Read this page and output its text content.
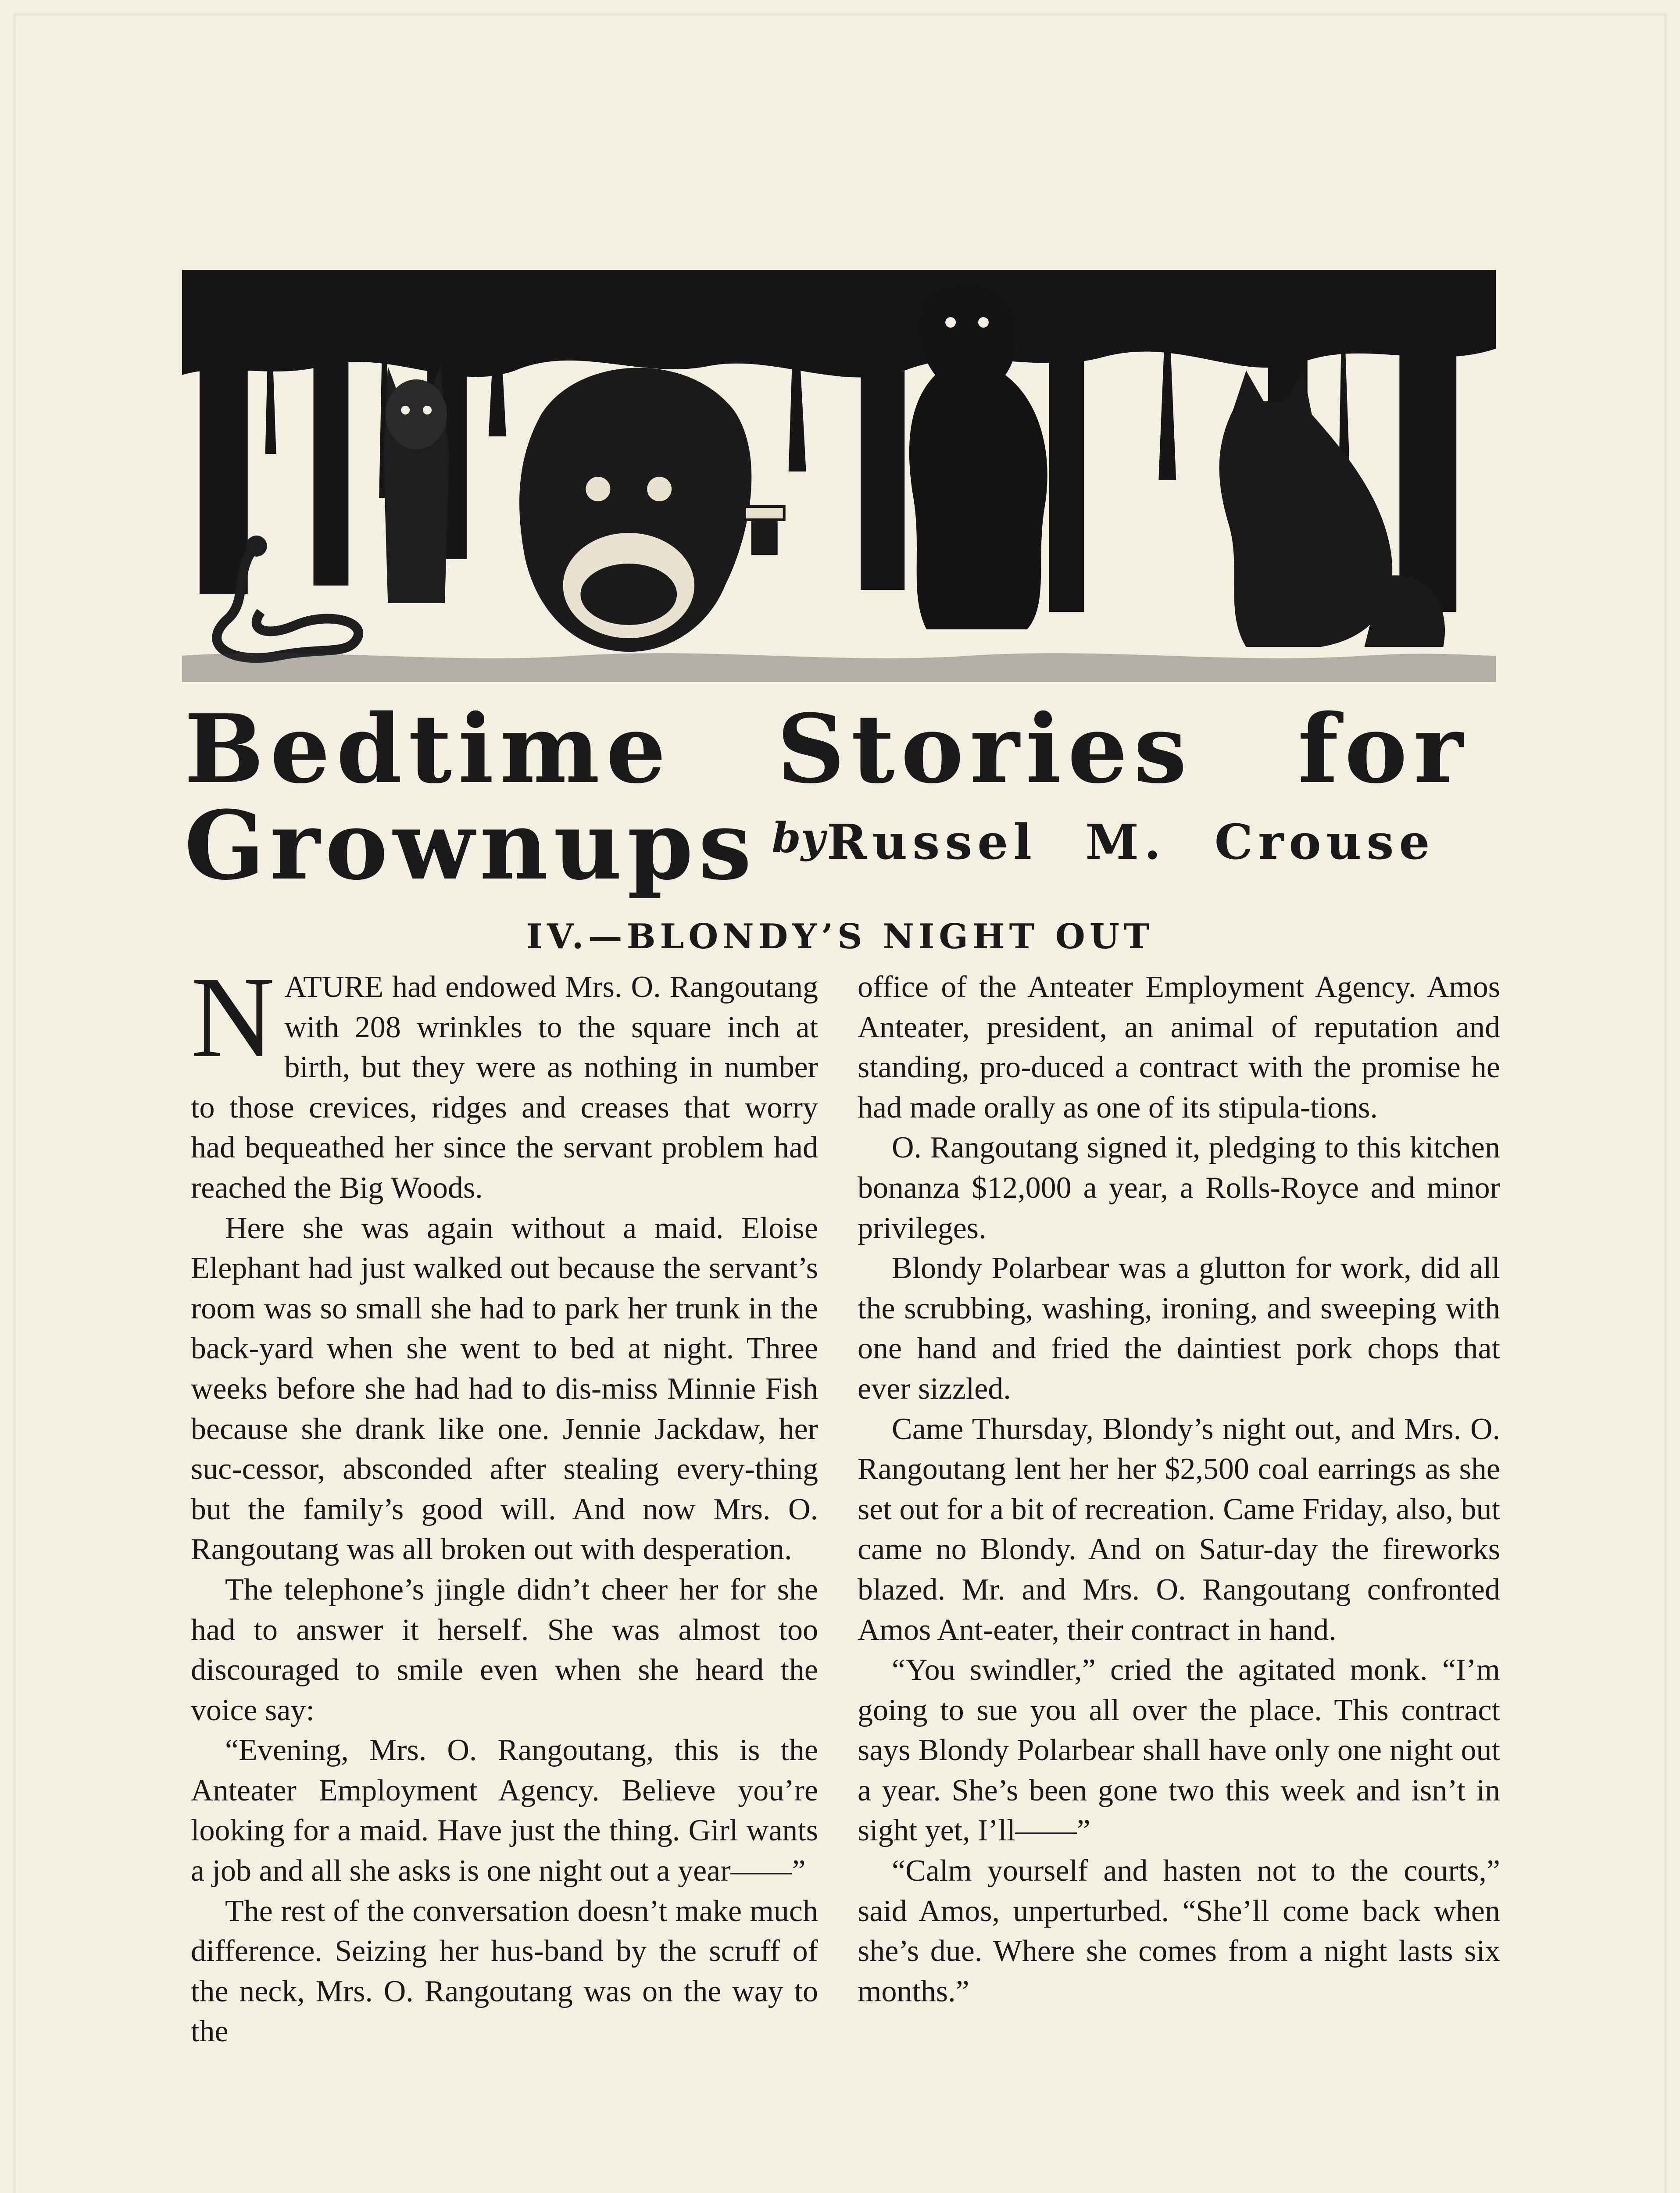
Bedtime Stories for
Grownups by Russel M. Crouse
IV.—BLONDY’S NIGHT OUT

NATURE had endowed Mrs. O. Rangoutang with 208 wrinkles to the square inch at birth, but they were as nothing in number to those crevices, ridges and creases that worry had bequeathed her since the servant problem had reached the Big Woods.

Here she was again without a maid. Eloise Elephant had just walked out because the servant’s room was so small she had to park her trunk in the back-yard when she went to bed at night. Three weeks before she had had to dis-miss Minnie Fish because she drank like one. Jennie Jackdaw, her suc-cessor, absconded after stealing every-thing but the family’s good will. And now Mrs. O. Rangoutang was all broken out with desperation.

The telephone’s jingle didn’t cheer her for she had to answer it herself. She was almost too discouraged to smile even when she heard the voice say:

“Evening, Mrs. O. Rangoutang, this is the Anteater Employment Agency. Believe you’re looking for a maid. Have just the thing. Girl wants a job and all she asks is one night out a year——”

The rest of the conversation doesn’t make much difference. Seizing her hus-band by the scruff of the neck, Mrs. O. Rangoutang was on the way to the

office of the Anteater Employment Agency. Amos Anteater, president, an animal of reputation and standing, pro-duced a contract with the promise he had made orally as one of its stipula-tions.

O. Rangoutang signed it, pledging to this kitchen bonanza $12,000 a year, a Rolls-Royce and minor privileges.

Blondy Polarbear was a glutton for work, did all the scrubbing, washing, ironing, and sweeping with one hand and fried the daintiest pork chops that ever sizzled.

Came Thursday, Blondy’s night out, and Mrs. O. Rangoutang lent her her $2,500 coal earrings as she set out for a bit of recreation. Came Friday, also, but came no Blondy. And on Satur-day the fireworks blazed. Mr. and Mrs. O. Rangoutang confronted Amos Ant-eater, their contract in hand.

“You swindler,” cried the agitated monk. “I’m going to sue you all over the place. This contract says Blondy Polarbear shall have only one night out a year. She’s been gone two this week and isn’t in sight yet, I’ll——”

“Calm yourself and hasten not to the courts,” said Amos, unperturbed. “She’ll come back when she’s due. Where she comes from a night lasts six months.”
